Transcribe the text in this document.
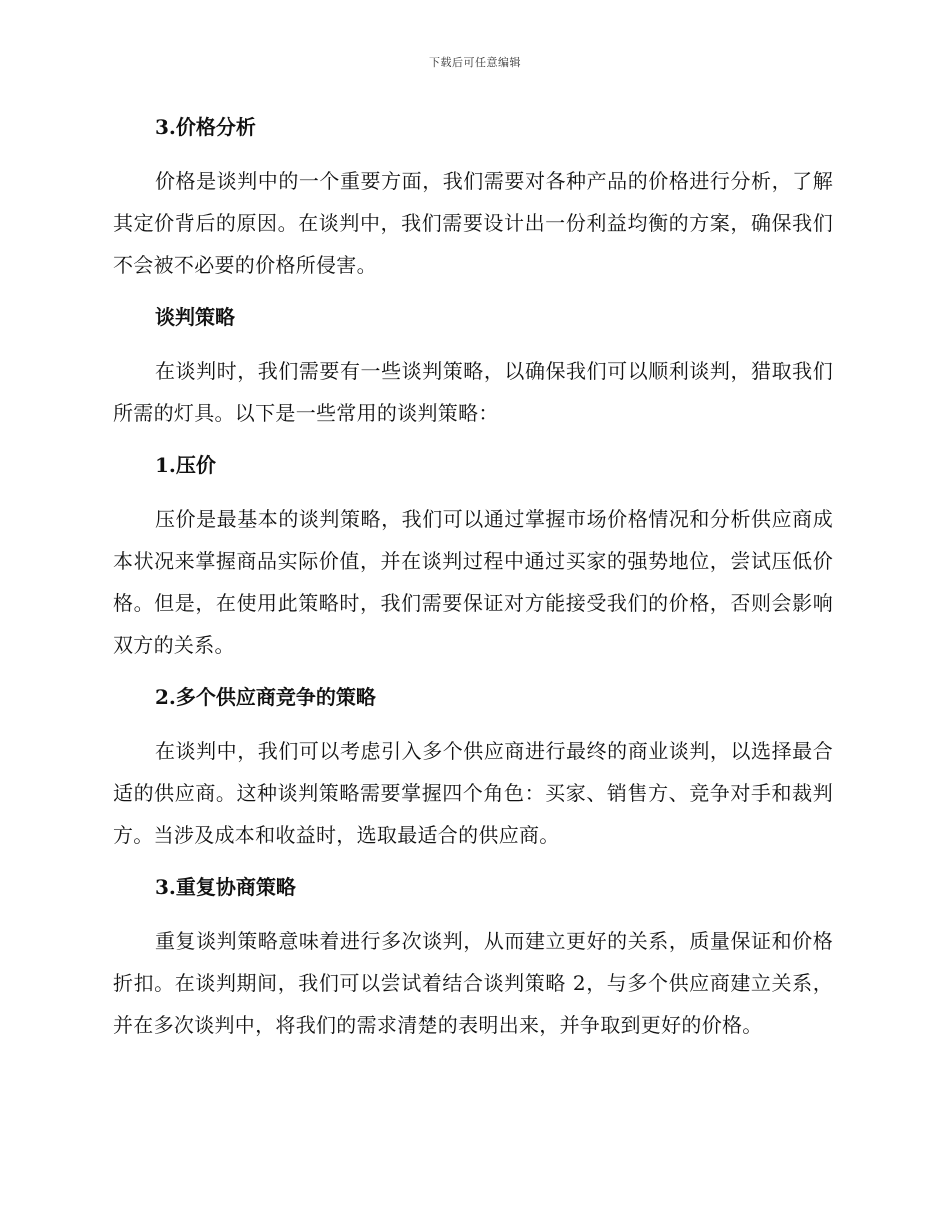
下载后可任意编辑
3.价格分析

价格是谈判中的一个重要方面，我们需要对各种产品的价格进行分析，了解其定价背后的原因。在谈判中，我们需要设计出一份利益均衡的方案，确保我们不会被不必要的价格所侵害。

谈判策略

在谈判时，我们需要有一些谈判策略，以确保我们可以顺利谈判，猎取我们所需的灯具。以下是一些常用的谈判策略：

1.压价

压价是最基本的谈判策略，我们可以通过掌握市场价格情况和分析供应商成本状况来掌握商品实际价值，并在谈判过程中通过买家的强势地位，尝试压低价格。但是，在使用此策略时，我们需要保证对方能接受我们的价格，否则会影响双方的关系。

2.多个供应商竞争的策略

在谈判中，我们可以考虑引入多个供应商进行最终的商业谈判，以选择最合适的供应商。这种谈判策略需要掌握四个角色：买家、销售方、竞争对手和裁判方。当涉及成本和收益时，选取最适合的供应商。

3.重复协商策略

重复谈判策略意味着进行多次谈判，从而建立更好的关系，质量保证和价格折扣。在谈判期间，我们可以尝试着结合谈判策略 2，与多个供应商建立关系，并在多次谈判中，将我们的需求清楚的表明出来，并争取到更好的价格。
